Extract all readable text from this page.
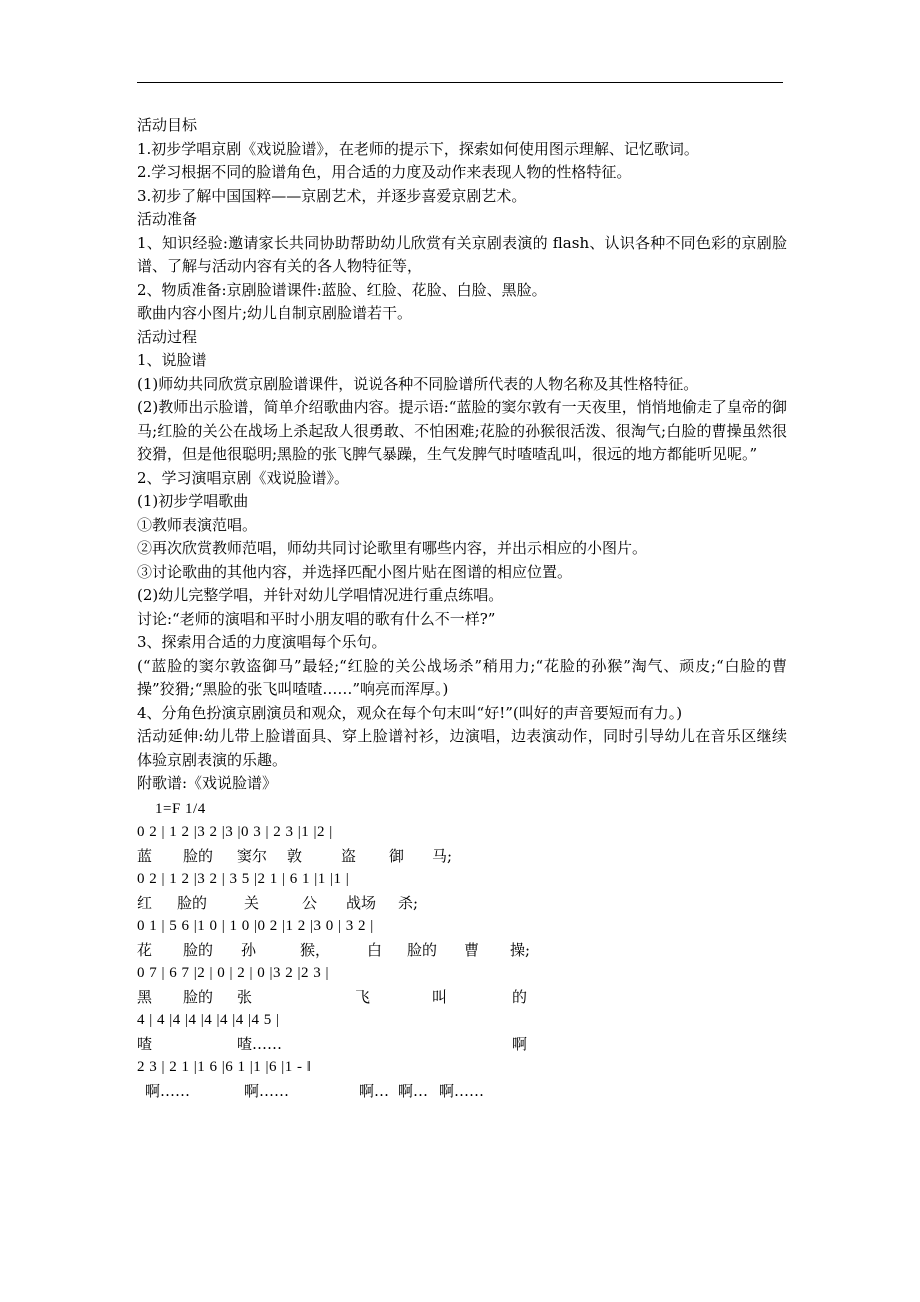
活动目标

1.初步学唱京剧《戏说脸谱》，在老师的提示下，探索如何使用图示理解、记忆歌词。

2.学习根据不同的脸谱角色，用合适的力度及动作来表现人物的性格特征。

3.初步了解中国国粹——京剧艺术，并逐步喜爱京剧艺术。

活动准备

1、知识经验:邀请家长共同协助帮助幼儿欣赏有关京剧表演的 flash、认识各种不同色彩的京剧脸谱、了解与活动内容有关的各人物特征等，

2、物质准备:京剧脸谱课件:蓝脸、红脸、花脸、白脸、黑脸。

歌曲内容小图片;幼儿自制京剧脸谱若干。

活动过程

1、说脸谱

(1)师幼共同欣赏京剧脸谱课件，说说各种不同脸谱所代表的人物名称及其性格特征。

(2)教师出示脸谱，简单介绍歌曲内容。提示语:“蓝脸的窦尔敦有一天夜里，悄悄地偷走了皇帝的御马;红脸的关公在战场上杀起敌人很勇敢、不怕困难;花脸的孙猴很活泼、很淘气;白脸的曹操虽然很狡猾，但是他很聪明;黑脸的张飞脾气暴躁，生气发脾气时喳喳乱叫，很远的地方都能听见呢。”

2、学习演唱京剧《戏说脸谱》。

(1)初步学唱歌曲

①教师表演范唱。

②再次欣赏教师范唱，师幼共同讨论歌里有哪些内容，并出示相应的小图片。

③讨论歌曲的其他内容，并选择匹配小图片贴在图谱的相应位置。

(2)幼儿完整学唱，并针对幼儿学唱情况进行重点练唱。

讨论:“老师的演唱和平时小朋友唱的歌有什么不一样?”

3、探索用合适的力度演唱每个乐句。

(“蓝脸的窦尔敦盗御马”最轻;“红脸的关公战场杀”稍用力;“花脸的孙猴”淘气、顽皮;“白脸的曹操”狡猾;“黑脸的张飞叫喳喳……”响亮而浑厚。)

4、分角色扮演京剧演员和观众，观众在每个句末叫“好!”(叫好的声音要短而有力。)

活动延伸:幼儿带上脸谱面具、穿上脸谱衬衫，边演唱，边表演动作，同时引导幼儿在音乐区继续体验京剧表演的乐趣。

附歌谱:《戏说脸谱》

1=F 1/4

0 2 | 1 2 |3 2 |3 |0 3 | 2 3 |1 |2 |

蓝 脸的 窦尔 敦	盗 御 马;

0 2 | 1 2 |3 2 | 3 5 |2 1 | 6 1 |1 |1 |

红 脸的 关	公 战场 杀;

0 1 | 5 6 |1 0 | 1 0 |0 2 |1 2 |3 0 | 3 2 |

花 脸的 孙	猴， 白 脸的 曹 操;

0 7 | 6 7 |2 | 0 | 2 | 0 |3 2 |2 3 |

黑 脸的 张	飞	叫	的

4 | 4 |4 |4 |4 |4 |4 |4 5 |

喳	喳……	啊

2 3 | 2 1 |1 6 |6 1 |1 |6 |1 - ‖

啊……	啊……	啊… 啊… 啊……
